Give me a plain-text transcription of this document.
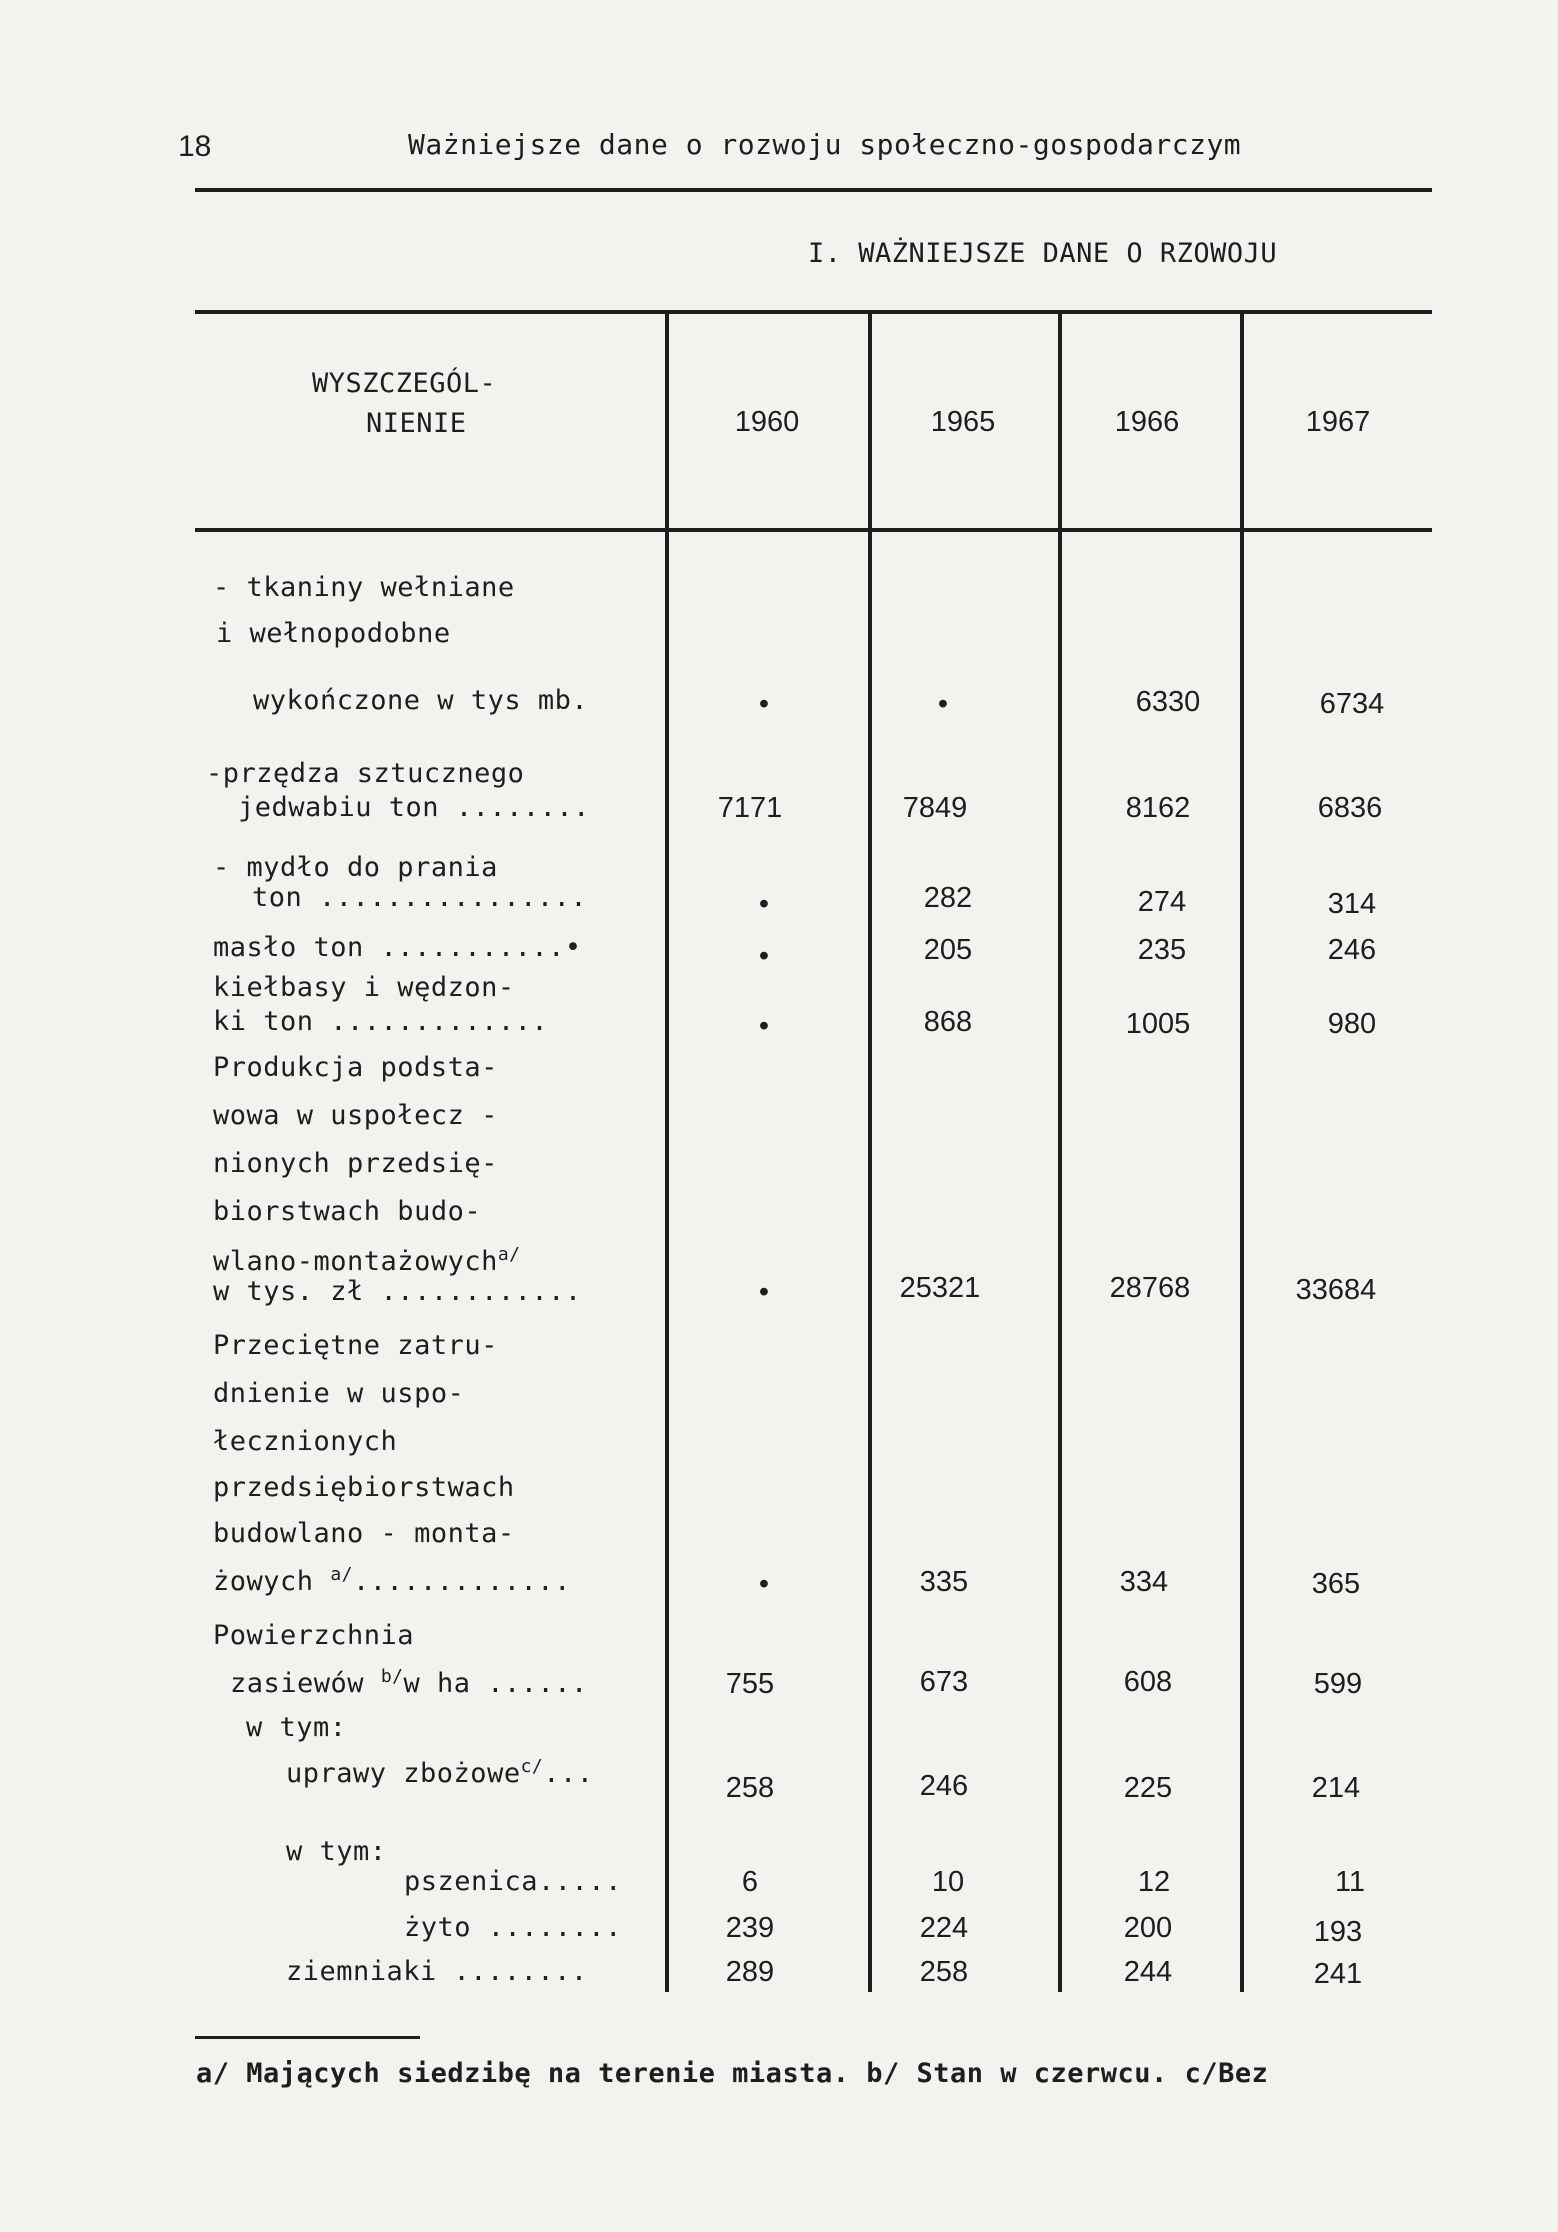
18	Ważniejsze dane o rozwoju społeczno-gospodarczym
I. WAŻNIEJSZE DANE O RZOWOJU
WYSZCZEGÓL-
NIENIE	1960	1965	1966	1967
- tkaniny wełniane
i wełnopodobne
wykończone w tys mb.	•	•	6330	6734
-przędza sztucznego
jedwabiu ton ........	7171	7849	8162	6836
- mydło do prania
ton ................	•	282	274	314
masło ton ...........•	•	205	235	246
kiełbasy i wędzon-
ki ton .............	•	868	1005	980
Produkcja podsta-
wowa w uspołecz -
nionych przedsię-
biorstwach budo-
wlano-montażowych$^{a/}$
w tys. zł ............	•	25321	28768	33684
Przeciętne zatru-
dnienie w uspo-
łecznionych
przedsiębiorstwach
budowlano - monta-
żowych $^{a/}$.............	•	335	334	365
Powierzchnia
zasiewów $^{b/}$w ha ......	755	673	608	599
w tym:
uprawy zbożowe$^{c/}$...	258	246	225	214
w tym:
pszenica.....	6	10	12	11
żyto ........	239	224	200	193
ziemniaki ........	289	258	244	241
a/ Mających siedzibę na terenie miasta. b/ Stan w czerwcu. c/Bez
